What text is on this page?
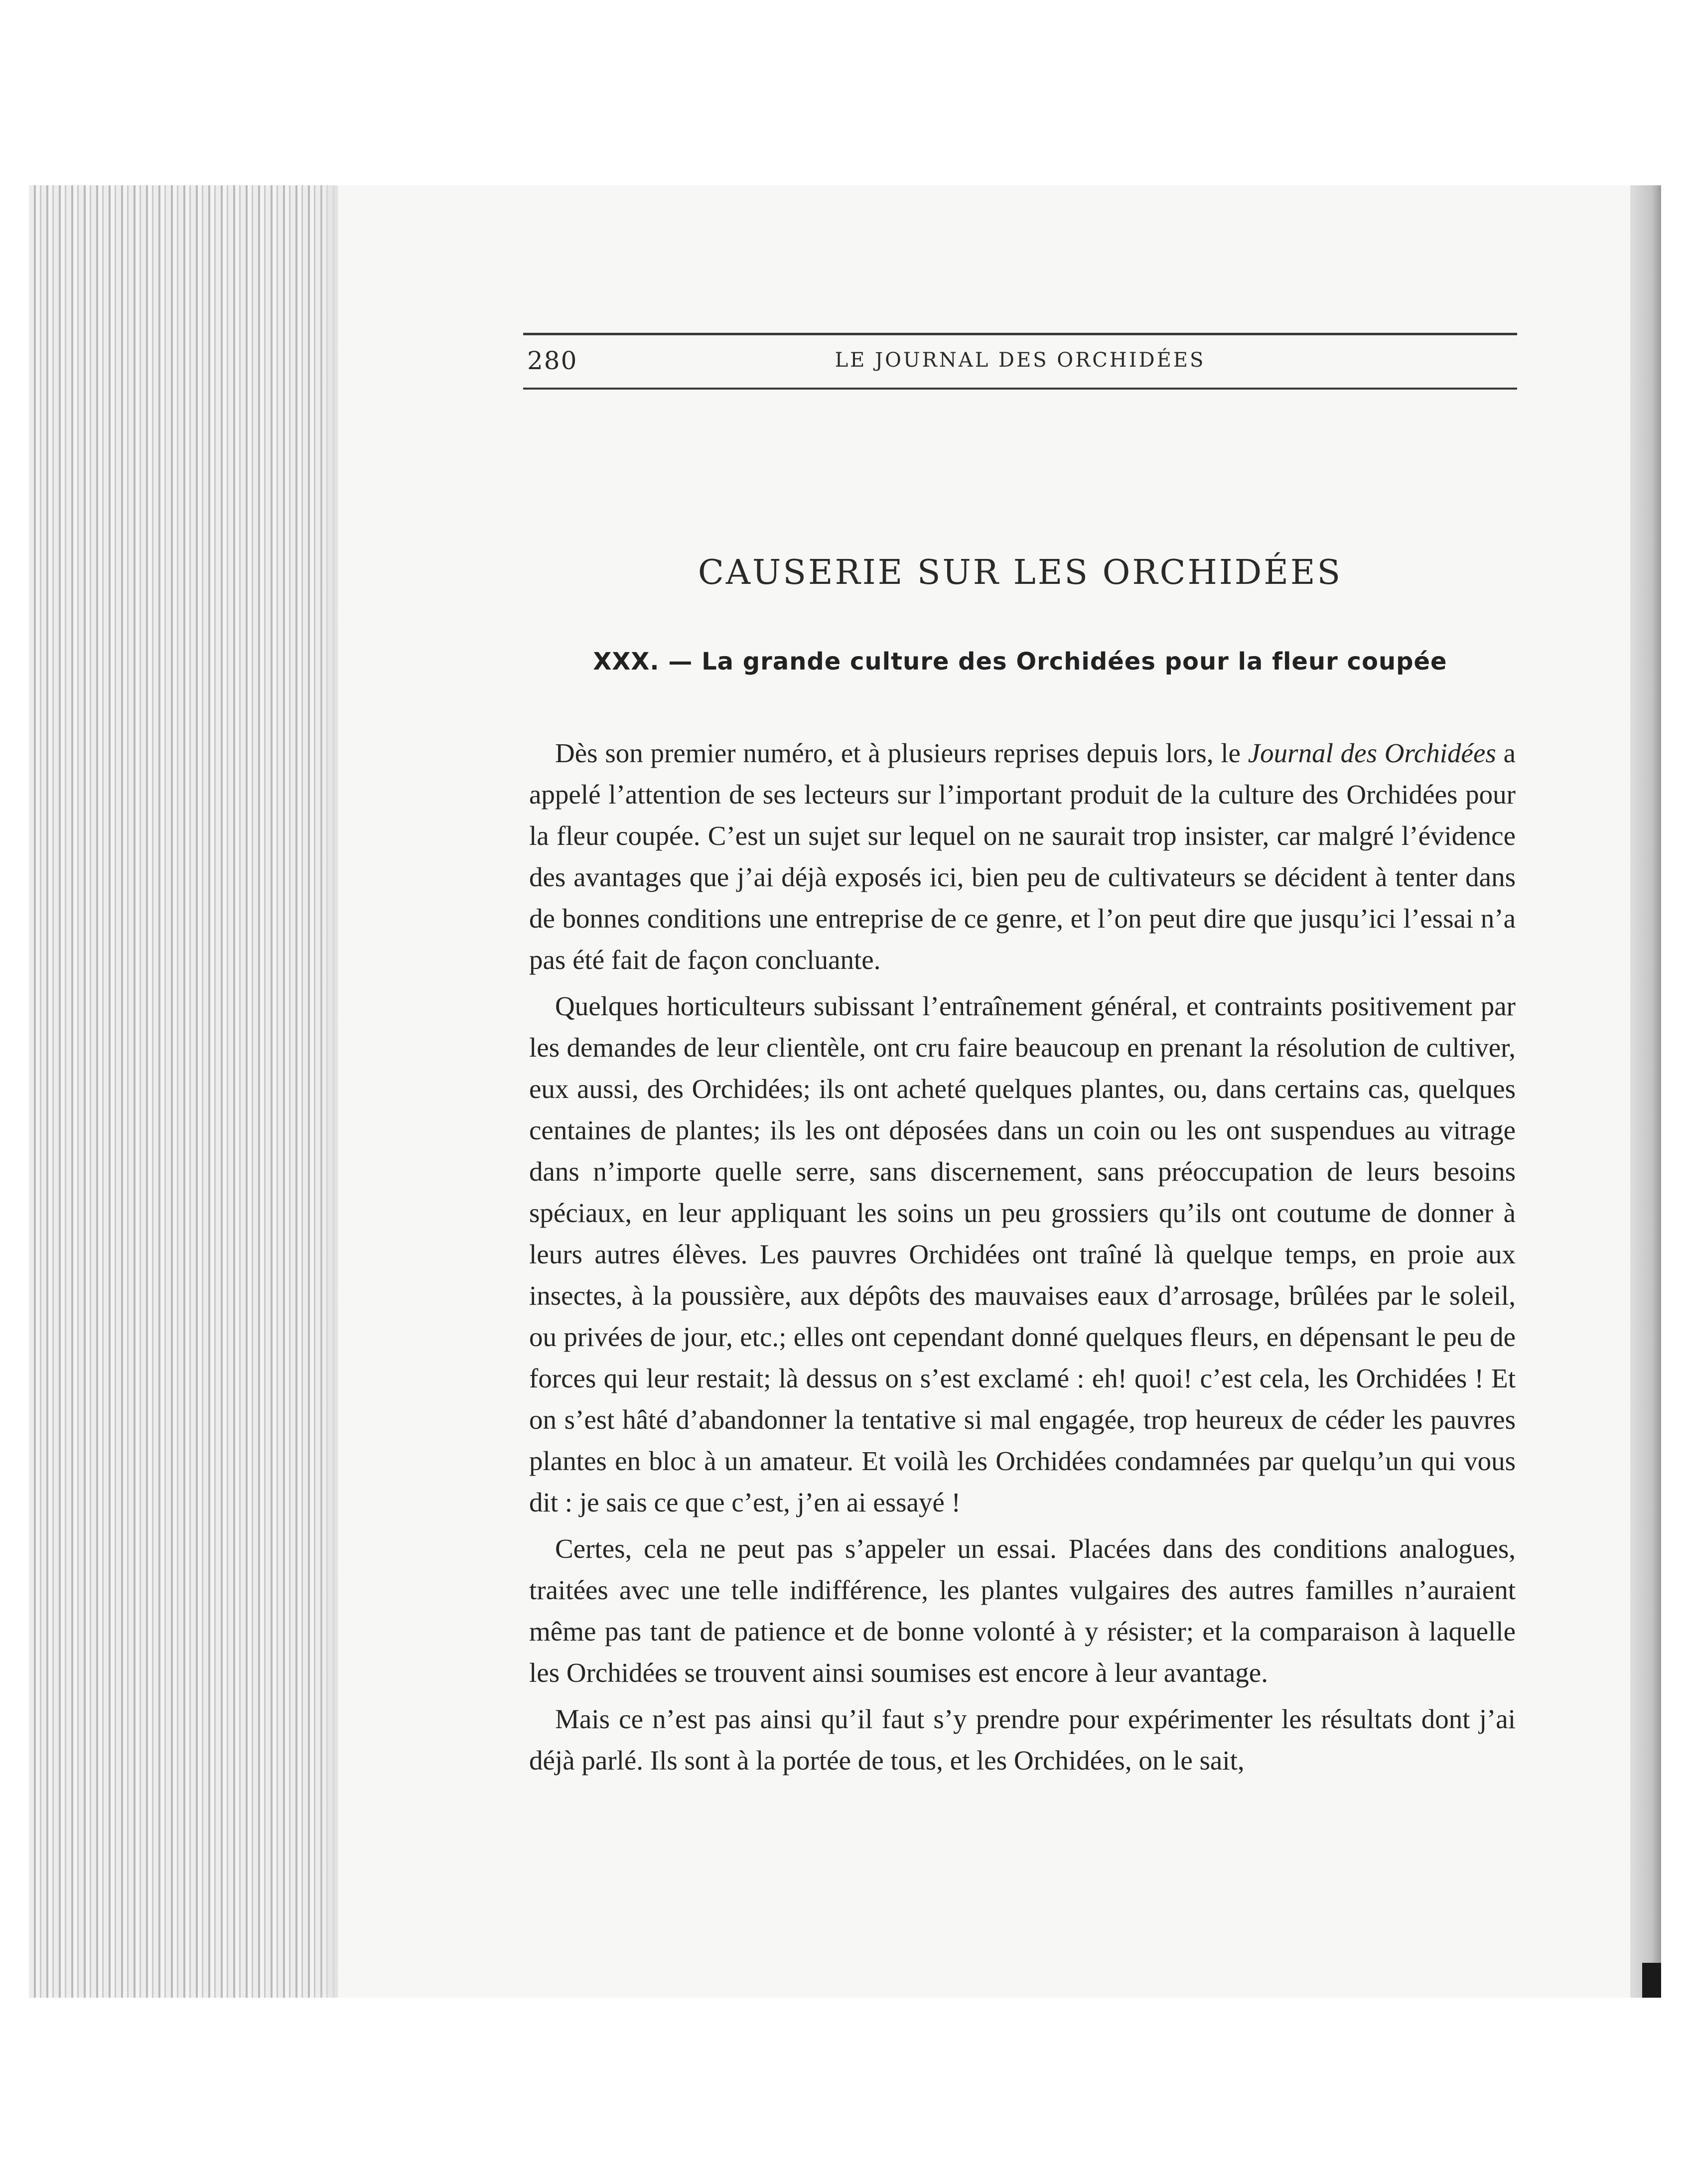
280	LE JOURNAL DES ORCHIDÉES
CAUSERIE SUR LES ORCHIDÉES
XXX. — La grande culture des Orchidées pour la fleur coupée

Dès son premier numéro, et à plusieurs reprises depuis lors, le Journal des Orchidées a appelé l’attention de ses lecteurs sur l’important produit de la culture des Orchidées pour la fleur coupée. C’est un sujet sur lequel on ne saurait trop insister, car malgré l’évidence des avantages que j’ai déjà exposés ici, bien peu de cultivateurs se décident à tenter dans de bonnes conditions une entreprise de ce genre, et l’on peut dire que jusqu’ici l’essai n’a pas été fait de façon concluante.

Quelques horticulteurs subissant l’entraînement général, et contraints positivement par les demandes de leur clientèle, ont cru faire beaucoup en prenant la résolution de cultiver, eux aussi, des Orchidées; ils ont acheté quelques plantes, ou, dans certains cas, quelques centaines de plantes; ils les ont déposées dans un coin ou les ont suspendues au vitrage dans n’importe quelle serre, sans discernement, sans préoccupation de leurs besoins spéciaux, en leur appliquant les soins un peu grossiers qu’ils ont coutume de donner à leurs autres élèves. Les pauvres Orchidées ont traîné là quelque temps, en proie aux insectes, à la poussière, aux dépôts des mauvaises eaux d’arrosage, brûlées par le soleil, ou privées de jour, etc.; elles ont cependant donné quelques fleurs, en dépensant le peu de forces qui leur restait; là dessus on s’est exclamé : eh! quoi! c’est cela, les Orchidées ! Et on s’est hâté d’abandonner la tentative si mal engagée, trop heureux de céder les pauvres plantes en bloc à un amateur. Et voilà les Orchidées condamnées par quelqu’un qui vous dit : je sais ce que c’est, j’en ai essayé !

Certes, cela ne peut pas s’appeler un essai. Placées dans des conditions analogues, traitées avec une telle indifférence, les plantes vulgaires des autres familles n’auraient même pas tant de patience et de bonne volonté à y résister; et la comparaison à laquelle les Orchidées se trouvent ainsi soumises est encore à leur avantage.

Mais ce n’est pas ainsi qu’il faut s’y prendre pour expérimenter les résultats dont j’ai déjà parlé. Ils sont à la portée de tous, et les Orchidées, on le sait,
